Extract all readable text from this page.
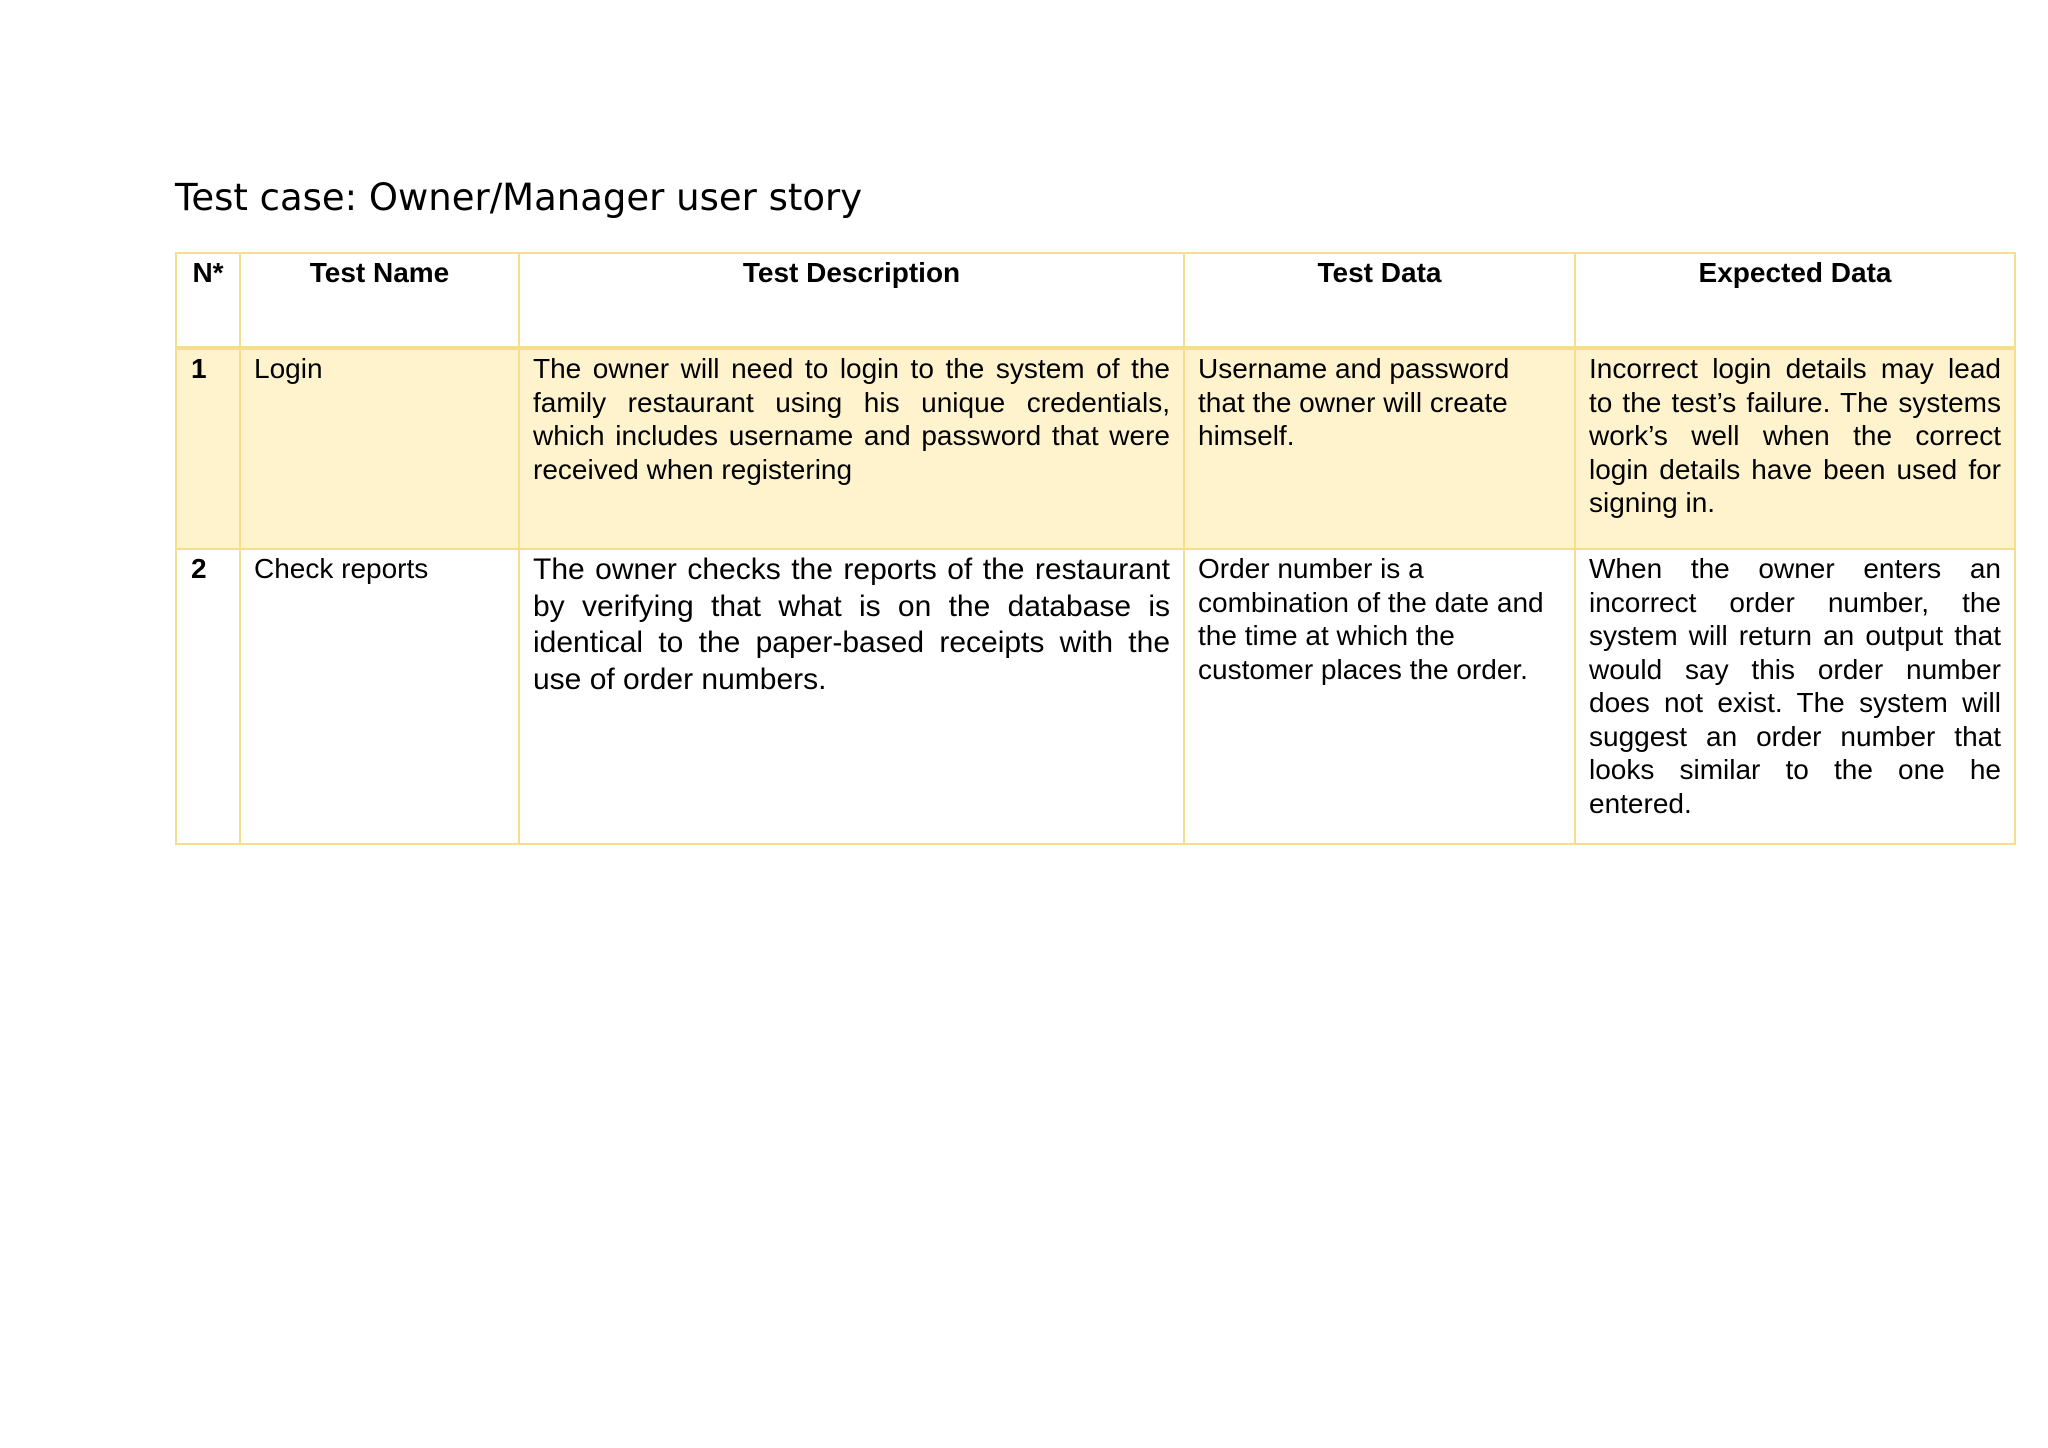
Test case: Owner/Manager user story
N*	Test Name	Test Description	Test Data	Expected Data
1	Login	The owner will need to login to the system of the family restaurant using his unique credentials, which includes username and password that were received when registering	Username and password that the owner will create himself.	Incorrect login details may lead to the test’s failure. The systems work’s well when the correct login details have been used for signing in.
2	Check reports	The owner checks the reports of the restaurant by verifying that what is on the database is identical to the paper-based receipts with the use of order numbers.	Order number is a combination of the date and the time at which the customer places the order.	When the owner enters an incorrect order number, the system will return an output that would say this order number does not exist. The system will suggest an order number that looks similar to the one he entered.
